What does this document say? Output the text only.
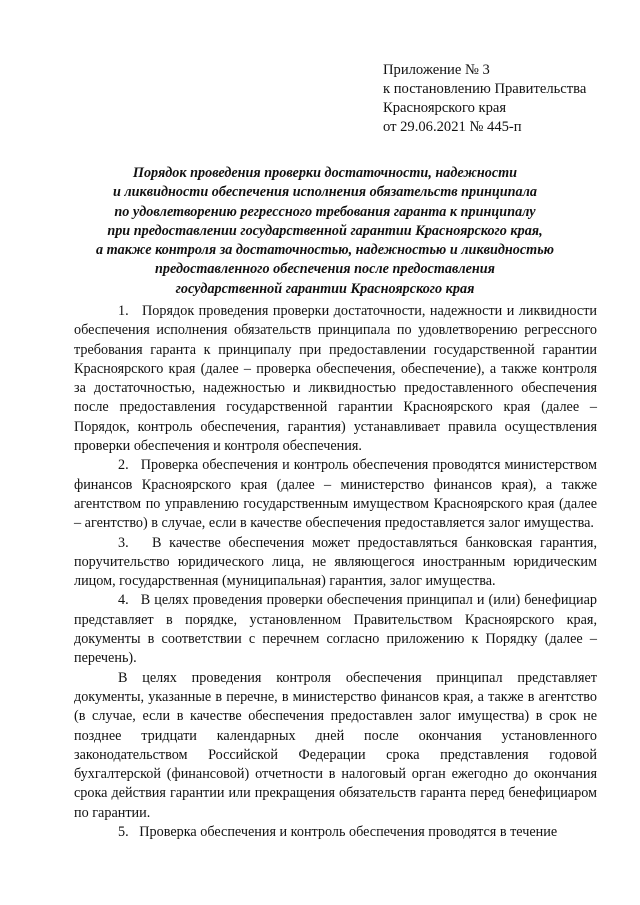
Приложение № 3
к постановлению Правительства
Красноярского края
от 29.06.2021 № 445-п
Порядок проведения проверки достаточности, надежности
и ликвидности обеспечения исполнения обязательств принципала
по удовлетворению регрессного требования гаранта к принципалу
при предоставлении государственной гарантии Красноярского края,
а также контроля за достаточностью, надежностью и ликвидностью
предоставленного обеспечения после предоставления
государственной гарантии Красноярского края

1.   Порядок проведения проверки достаточности, надежности и ликвидности обеспечения исполнения обязательств принципала по удовлетворению регрессного требования гаранта к принципалу при предоставлении государственной гарантии Красноярского края (далее – проверка обеспечения, обеспечение), а также контроля за достаточностью, надежностью и ликвидностью предоставленного обеспечения после предоставления государственной гарантии Красноярского края (далее – Порядок, контроль обеспечения, гарантия) устанавливает правила осуществления проверки обеспечения и контроля обеспечения.

2.   Проверка обеспечения и контроль обеспечения проводятся министерством финансов Красноярского края (далее – министерство финансов края), а также агентством по управлению государственным имуществом Красноярского края (далее – агентство) в случае, если в качестве обеспечения предоставляется залог имущества.

3.   В качестве обеспечения может предоставляться банковская гарантия, поручительство юридического лица, не являющегося иностранным юридическим лицом, государственная (муниципальная) гарантия, залог имущества.

4.   В целях проведения проверки обеспечения принципал и (или) бенефициар представляет в порядке, установленном Правительством Красноярского края, документы в соответствии с перечнем согласно приложению к Порядку (далее – перечень).

В целях проведения контроля обеспечения принципал представляет документы, указанные в перечне, в министерство финансов края, а также в агентство (в случае, если в качестве обеспечения предоставлен залог имущества) в срок не позднее тридцати календарных дней после окончания установленного законодательством Российской Федерации срока представления годовой бухгалтерской (финансовой) отчетности в налоговый орган ежегодно до окончания срока действия гарантии или прекращения обязательств гаранта перед бенефициаром по гарантии.

5.   Проверка обеспечения и контроль обеспечения проводятся в течение
